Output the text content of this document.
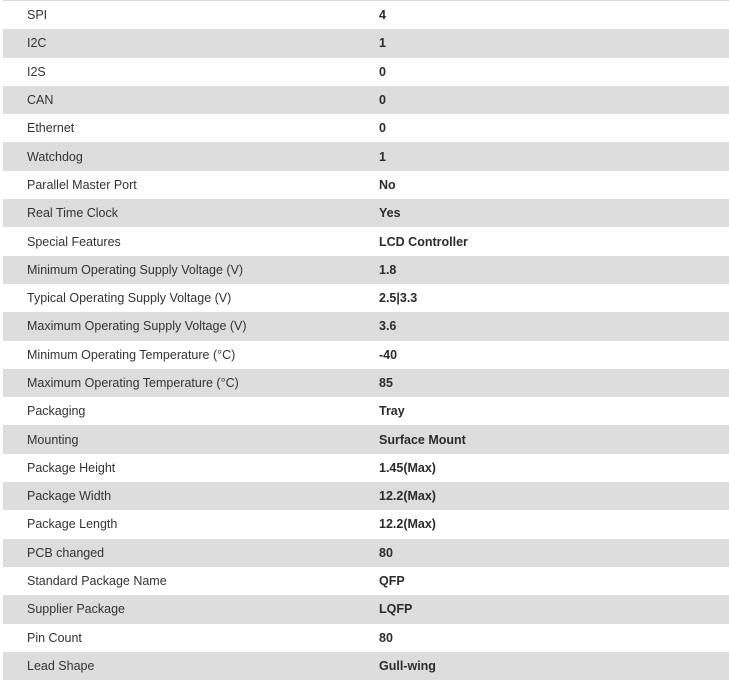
SPI	4
I2C	1
I2S	0
CAN	0
Ethernet	0
Watchdog	1
Parallel Master Port	No
Real Time Clock	Yes
Special Features	LCD Controller
Minimum Operating Supply Voltage (V)	1.8
Typical Operating Supply Voltage (V)	2.5|3.3
Maximum Operating Supply Voltage (V)	3.6
Minimum Operating Temperature (°C)	-40
Maximum Operating Temperature (°C)	85
Packaging	Tray
Mounting	Surface Mount
Package Height	1.45(Max)
Package Width	12.2(Max)
Package Length	12.2(Max)
PCB changed	80
Standard Package Name	QFP
Supplier Package	LQFP
Pin Count	80
Lead Shape	Gull-wing
